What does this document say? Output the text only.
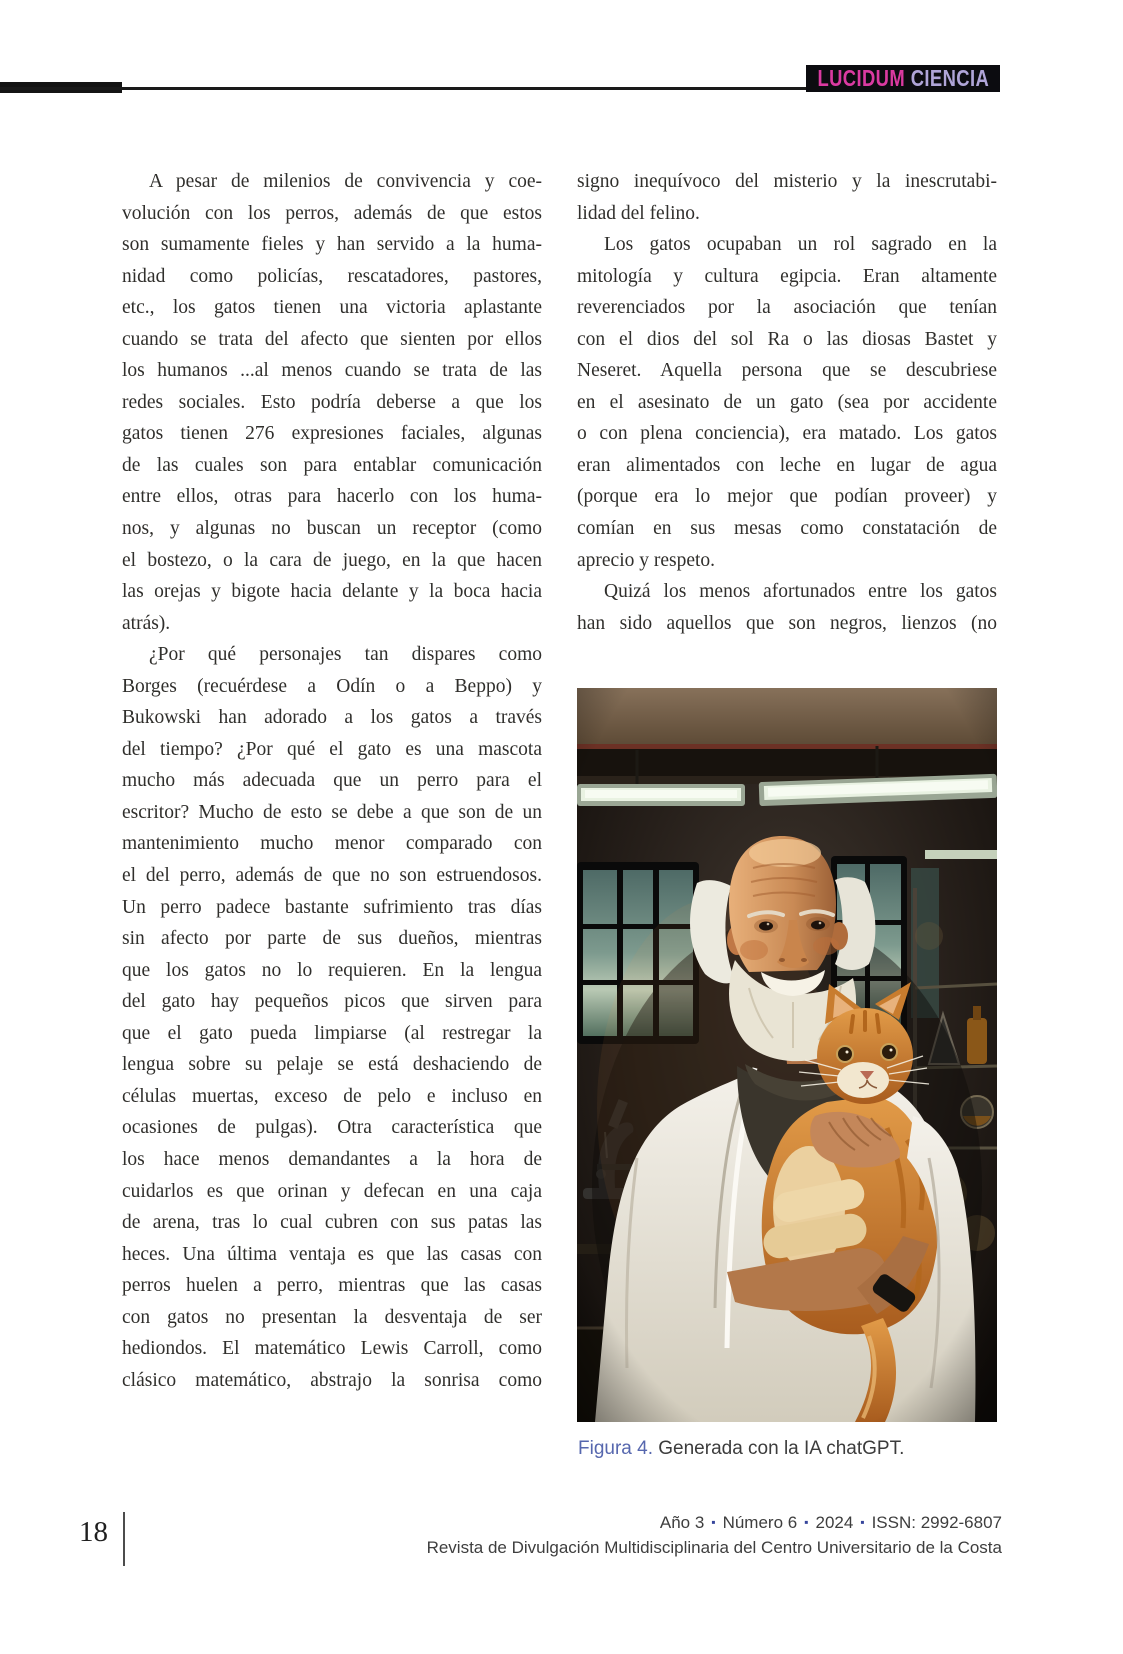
LUCIDUM CIENCIA
A pesar de milenios de convivencia y coe-
volución con los perros, además de que estos
son sumamente fieles y han servido a la huma-
nidad como policías, rescatadores, pastores,
etc., los gatos tienen una victoria aplastante
cuando se trata del afecto que sienten por ellos
los humanos ...al menos cuando se trata de las
redes sociales. Esto podría deberse a que los
gatos tienen 276 expresiones faciales, algunas
de las cuales son para entablar comunicación
entre ellos, otras para hacerlo con los huma-
nos, y algunas no buscan un receptor (como
el bostezo, o la cara de juego, en la que hacen
las orejas y bigote hacia delante y la boca hacia
atrás).
¿Por qué personajes tan dispares como
Borges (recuérdese a Odín o a Beppo) y
Bukowski han adorado a los gatos a través
del tiempo? ¿Por qué el gato es una mascota
mucho más adecuada que un perro para el
escritor? Mucho de esto se debe a que son de un
mantenimiento mucho menor comparado con
el del perro, además de que no son estruendosos.
Un perro padece bastante sufrimiento tras días
sin afecto por parte de sus dueños, mientras
que los gatos no lo requieren. En la lengua
del gato hay pequeños picos que sirven para
que el gato pueda limpiarse (al restregar la
lengua sobre su pelaje se está deshaciendo de
células muertas, exceso de pelo e incluso en
ocasiones de pulgas). Otra característica que
los hace menos demandantes a la hora de
cuidarlos es que orinan y defecan en una caja
de arena, tras lo cual cubren con sus patas las
heces. Una última ventaja es que las casas con
perros huelen a perro, mientras que las casas
con gatos no presentan la desventaja de ser
hediondos. El matemático Lewis Carroll, como
clásico matemático, abstrajo la sonrisa como
signo inequívoco del misterio y la inescrutabi-
lidad del felino.
Los gatos ocupaban un rol sagrado en la
mitología y cultura egipcia. Eran altamente
reverenciados por la asociación que tenían
con el dios del sol Ra o las diosas Bastet y
Neseret. Aquella persona que se descubriese
en el asesinato de un gato (sea por accidente
o con plena conciencia), era matado. Los gatos
eran alimentados con leche en lugar de agua
(porque era lo mejor que podían proveer) y
comían en sus mesas como constatación de
aprecio y respeto.
Quizá los menos afortunados entre los gatos
han sido aquellos que son negros, lienzos (no
Figura 4. Generada con la IA chatGPT.
18	Año 3 ▪ Número 6 ▪ 2024 ▪ ISSN: 2992-6807
Revista de Divulgación Multidisciplinaria del Centro Universitario de la Costa
